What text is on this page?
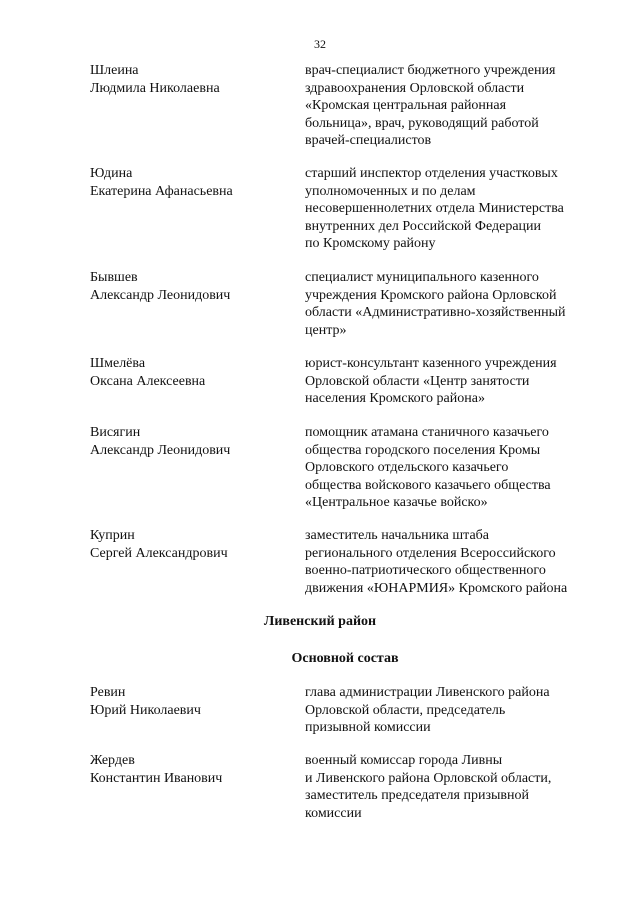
32
Шлеина
Людмила Николаевна
врач-специалист бюджетного учреждения
здравоохранения Орловской области
«Кромская центральная районная
больница», врач, руководящий работой
врачей-специалистов
Юдина
Екатерина Афанасьевна
старший инспектор отделения участковых
уполномоченных и по делам
несовершеннолетних отдела Министерства
внутренних дел Российской Федерации
по Кромскому району
Бывшев
Александр Леонидович
специалист муниципального казенного
учреждения Кромского района Орловской
области «Административно-хозяйственный
центр»
Шмелёва
Оксана Алексеевна
юрист-консультант казенного учреждения
Орловской области «Центр занятости
населения Кромского района»
Висягин
Александр Леонидович
помощник атамана станичного казачьего
общества городского поселения Кромы
Орловского отдельского казачьего
общества войскового казачьего общества
«Центральное казачье войско»
Куприн
Сергей Александрович
заместитель начальника штаба
регионального отделения Всероссийского
военно-патриотического общественного
движения «ЮНАРМИЯ» Кромского района
Ливенский район
Основной состав
Ревин
Юрий Николаевич
глава администрации Ливенского района
Орловской области, председатель
призывной комиссии
Жердев
Константин Иванович
военный комиссар города Ливны
и Ливенского района Орловской области,
заместитель председателя призывной
комиссии
